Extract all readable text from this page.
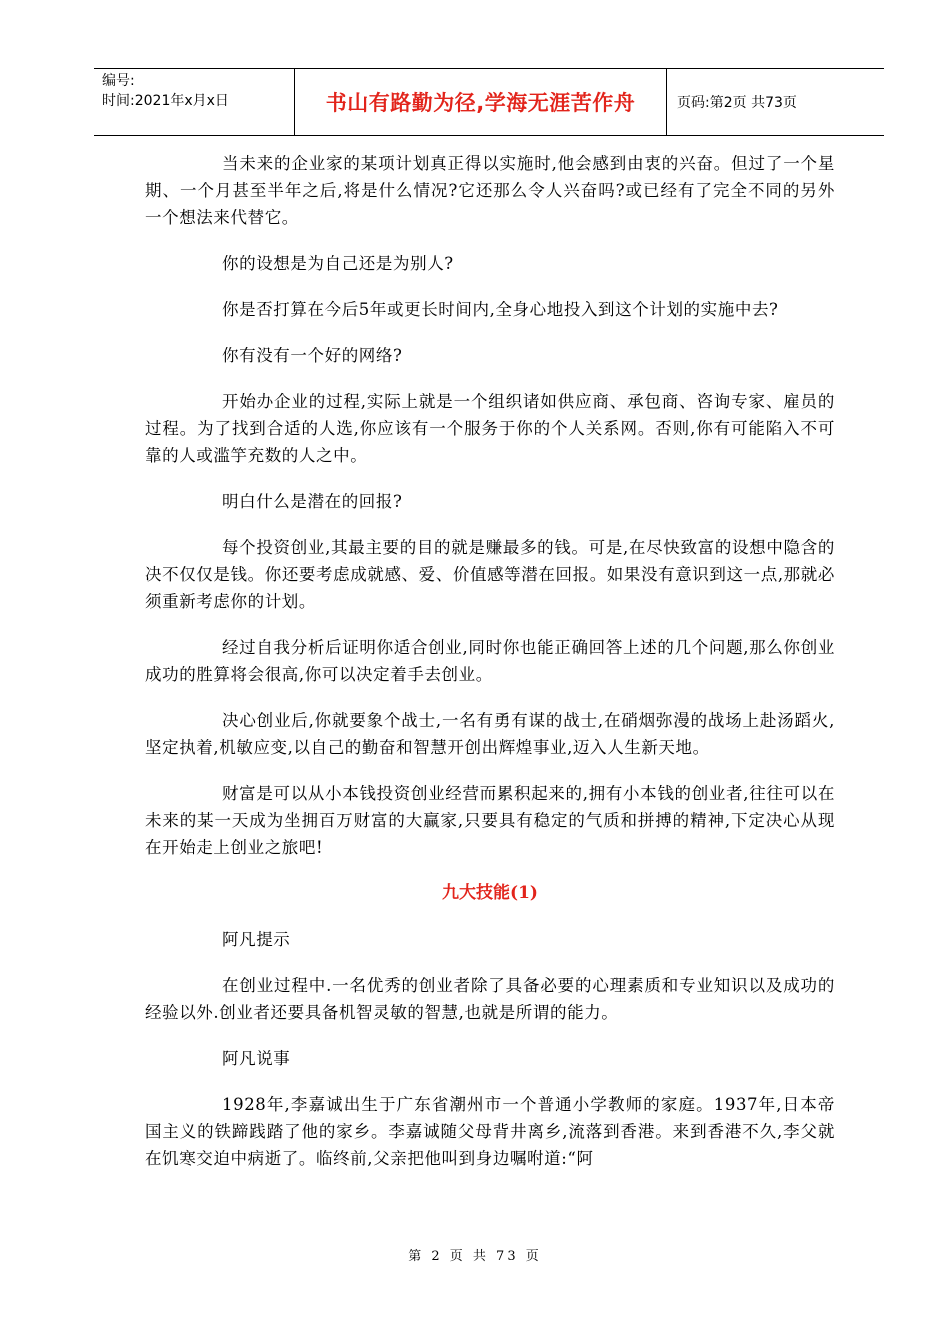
编号:
时间:2021年x月x日	书山有路勤为径,学海无涯苦作舟	页码:第2页 共73页

当未来的企业家的某项计划真正得以实施时,他会感到由衷的兴奋。但过了一个星期、一个月甚至半年之后,将是什么情况?它还那么令人兴奋吗?或已经有了完全不同的另外一个想法来代替它。

你的设想是为自己还是为别人?

你是否打算在今后5年或更长时间内,全身心地投入到这个计划的实施中去?

你有没有一个好的网络?

开始办企业的过程,实际上就是一个组织诸如供应商、承包商、咨询专家、雇员的过程。为了找到合适的人选,你应该有一个服务于你的个人关系网。否则,你有可能陷入不可靠的人或滥竽充数的人之中。

明白什么是潜在的回报?

每个投资创业,其最主要的目的就是赚最多的钱。可是,在尽快致富的设想中隐含的决不仅仅是钱。你还要考虑成就感、爱、价值感等潜在回报。如果没有意识到这一点,那就必须重新考虑你的计划。

经过自我分析后证明你适合创业,同时你也能正确回答上述的几个问题,那么你创业成功的胜算将会很高,你可以决定着手去创业。

决心创业后,你就要象个战士,一名有勇有谋的战士,在硝烟弥漫的战场上赴汤蹈火,坚定执着,机敏应变,以自己的勤奋和智慧开创出辉煌事业,迈入人生新天地。

财富是可以从小本钱投资创业经营而累积起来的,拥有小本钱的创业者,往往可以在未来的某一天成为坐拥百万财富的大赢家,只要具有稳定的气质和拼搏的精神,下定决心从现在开始走上创业之旅吧!

九大技能(1)

阿凡提示

在创业过程中.一名优秀的创业者除了具备必要的心理素质和专业知识以及成功的经验以外.创业者还要具备机智灵敏的智慧,也就是所谓的能力。

阿凡说事

1928年,李嘉诚出生于广东省潮州市一个普通小学教师的家庭。1937年,日本帝国主义的铁蹄践踏了他的家乡。李嘉诚随父母背井离乡,流落到香港。来到香港不久,李父就在饥寒交迫中病逝了。临终前,父亲把他叫到身边嘱咐道:“阿

第 2 页 共 73 页
